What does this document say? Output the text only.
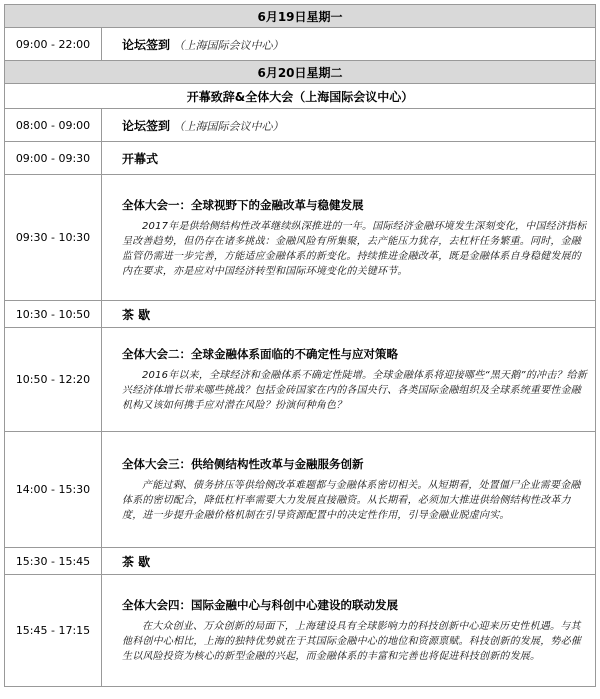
6月19日星期一	
09:00 - 22:00	论坛签到 （上海国际会议中心）
6月20日星期二	
开幕致辞&全体大会（上海国际会议中心）	
08:00 - 09:00	论坛签到 （上海国际会议中心）
09:00 - 09:30	开幕式
09:30 - 10:30	全体大会一：全球视野下的金融改革与稳健发展
2017年是供给侧结构性改革继续纵深推进的一年。国际经济金融环境发生深刻变化，中国经济指标呈改善趋势，但仍存在诸多挑战：金融风险有所集聚，去产能压力犹存，去杠杆任务繁重。同时，金融监管仍需进一步完善，方能适应金融体系的新变化。持续推进金融改革，既是金融体系自身稳健发展的内在要求，亦是应对中国经济转型和国际环境变化的关键环节。

10:30 - 10:50	茶 歇
10:50 - 12:20	全体大会二：全球金融体系面临的不确定性与应对策略
2016年以来，全球经济和金融体系不确定性陡增。全球金融体系将迎接哪些“黑天鹅”的冲击？给新兴经济体增长带来哪些挑战？包括金砖国家在内的各国央行、各类国际金融组织及全球系统重要性金融机构又该如何携手应对潜在风险？扮演何种角色？

14:00 - 15:30	全体大会三：供给侧结构性改革与金融服务创新
产能过剩、债务挤压等供给侧改革难题都与金融体系密切相关。从短期看，处置僵尸企业需要金融体系的密切配合，降低杠杆率需要大力发展直接融资。从长期看，必须加大推进供给侧结构性改革力度，进一步提升金融价格机制在引导资源配置中的决定性作用，引导金融业脱虚向实。

15:30 - 15:45	茶 歇
15:45 - 17:15	全体大会四：国际金融中心与科创中心建设的联动发展
在大众创业、万众创新的局面下，上海建设具有全球影响力的科技创新中心迎来历史性机遇。与其他科创中心相比，上海的独特优势就在于其国际金融中心的地位和资源禀赋。科技创新的发展，势必催生以风险投资为核心的新型金融的兴起，而金融体系的丰富和完善也将促进科技创新的发展。
